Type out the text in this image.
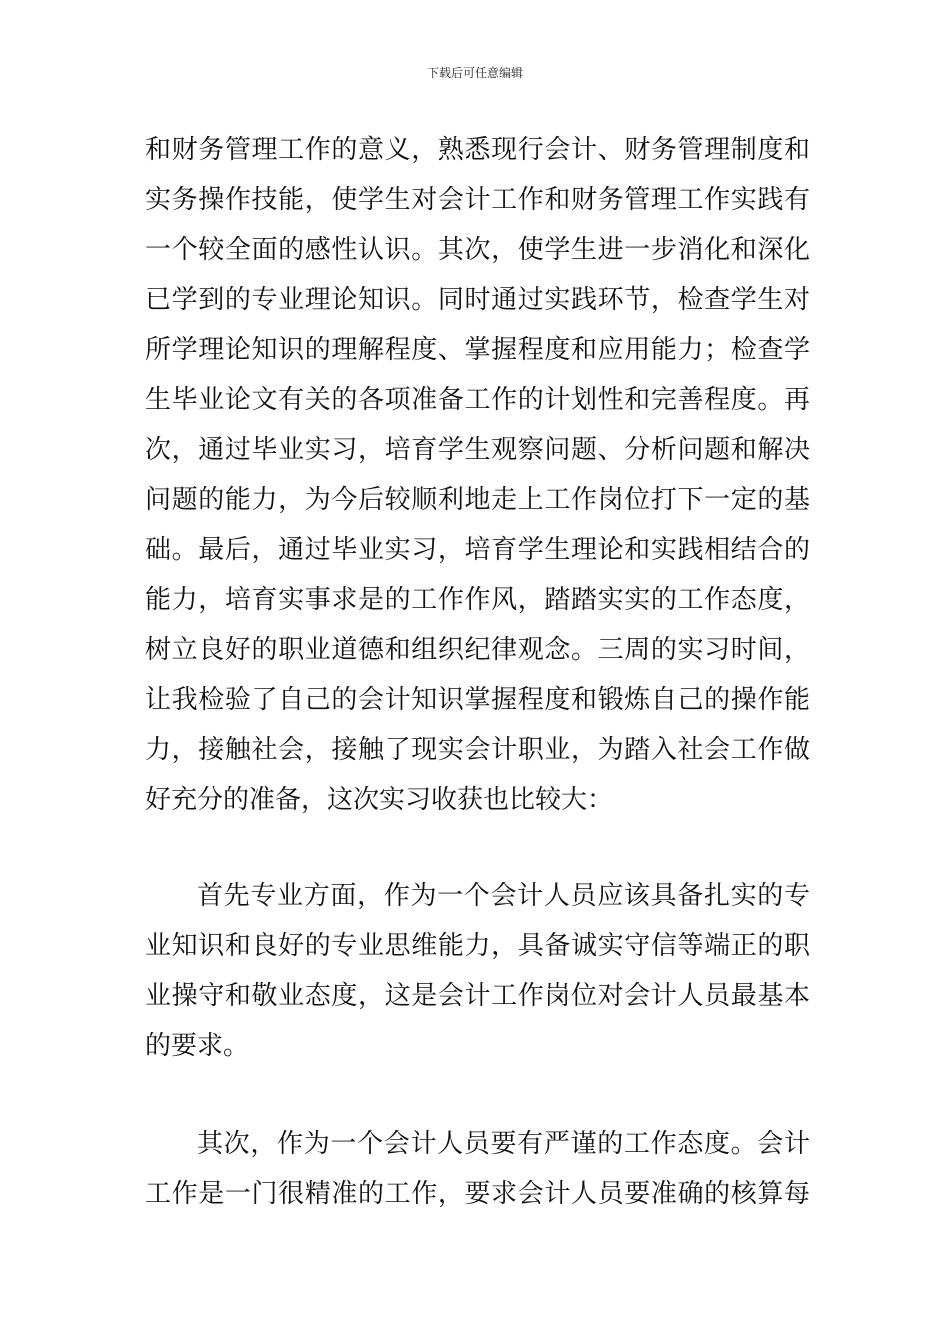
下载后可任意编辑
和财务管理工作的意义，熟悉现行会计、财务管理制度和
实务操作技能，使学生对会计工作和财务管理工作实践有
一个较全面的感性认识。其次，使学生进一步消化和深化
已学到的专业理论知识。同时通过实践环节，检查学生对
所学理论知识的理解程度、掌握程度和应用能力；检查学
生毕业论文有关的各项准备工作的计划性和完善程度。再
次，通过毕业实习，培育学生观察问题、分析问题和解决
问题的能力，为今后较顺利地走上工作岗位打下一定的基
础。最后，通过毕业实习，培育学生理论和实践相结合的
能力，培育实事求是的工作作风，踏踏实实的工作态度，
树立良好的职业道德和组织纪律观念。三周的实习时间，
让我检验了自己的会计知识掌握程度和锻炼自己的操作能
力，接触社会，接触了现实会计职业，为踏入社会工作做
好充分的准备，这次实习收获也比较大：
首先专业方面，作为一个会计人员应该具备扎实的专
业知识和良好的专业思维能力，具备诚实守信等端正的职
业操守和敬业态度，这是会计工作岗位对会计人员最基本
的要求。
其次，作为一个会计人员要有严谨的工作态度。会计
工作是一门很精准的工作，要求会计人员要准确的核算每
